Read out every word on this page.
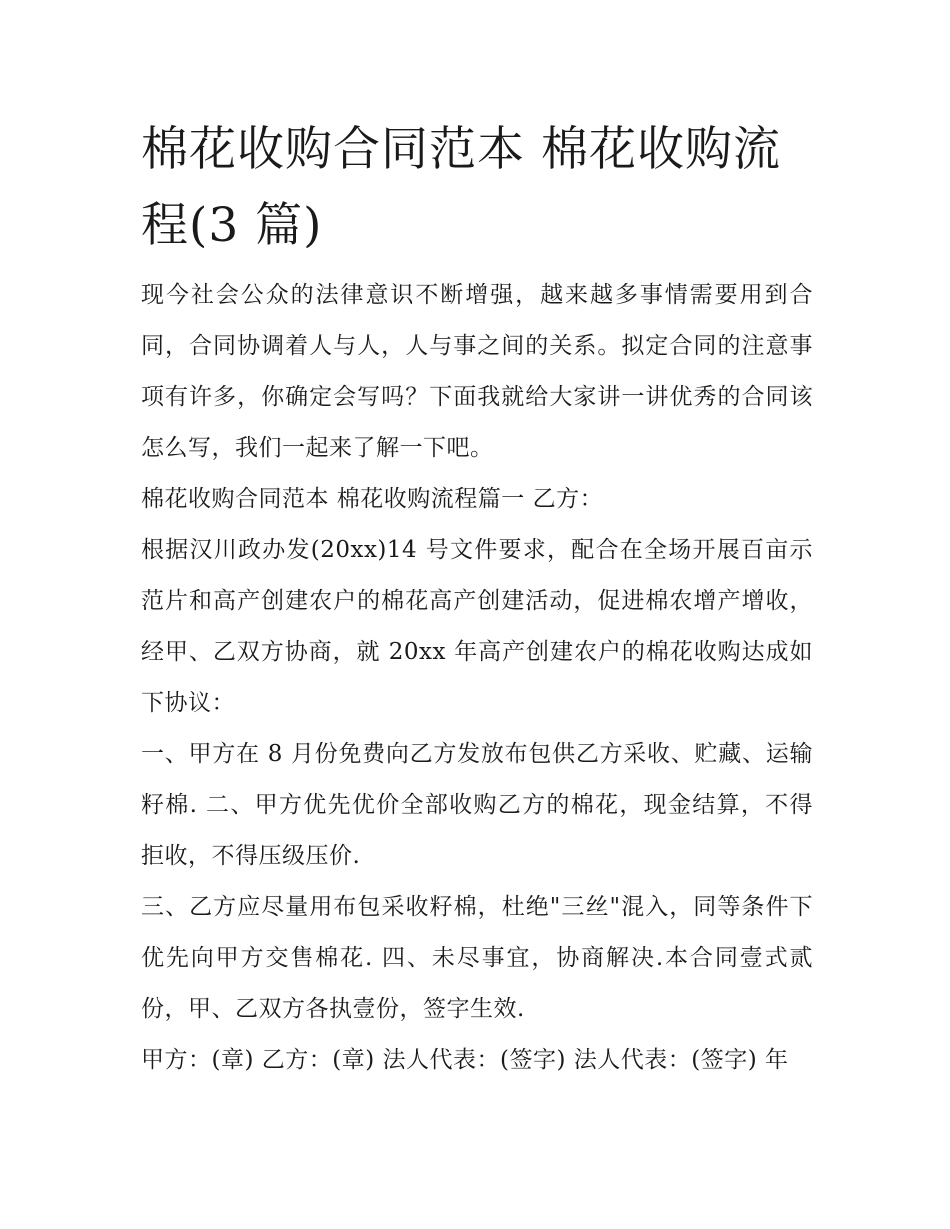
棉花收购合同范本 棉花收购流程(3 篇)

现今社会公众的法律意识不断增强，越来越多事情需要用到合同，合同协调着人与人，人与事之间的关系。拟定合同的注意事项有许多，你确定会写吗？下面我就给大家讲一讲优秀的合同该怎么写，我们一起来了解一下吧。

棉花收购合同范本 棉花收购流程篇一 乙方：

根据汉川政办发(20xx)14 号文件要求，配合在全场开展百亩示范片和高产创建农户的棉花高产创建活动，促进棉农增产增收，经甲、乙双方协商，就 20xx 年高产创建农户的棉花收购达成如下协议：

一、甲方在 8 月份免费向乙方发放布包供乙方采收、贮藏、运输籽棉. 二、甲方优先优价全部收购乙方的棉花，现金结算，不得拒收，不得压级压价.

三、乙方应尽量用布包采收籽棉，杜绝"三丝"混入，同等条件下优先向甲方交售棉花. 四、未尽事宜，协商解决.本合同壹式贰份，甲、乙双方各执壹份，签字生效.

甲方：(章) 乙方：(章) 法人代表：(签字) 法人代表：(签字) 年
